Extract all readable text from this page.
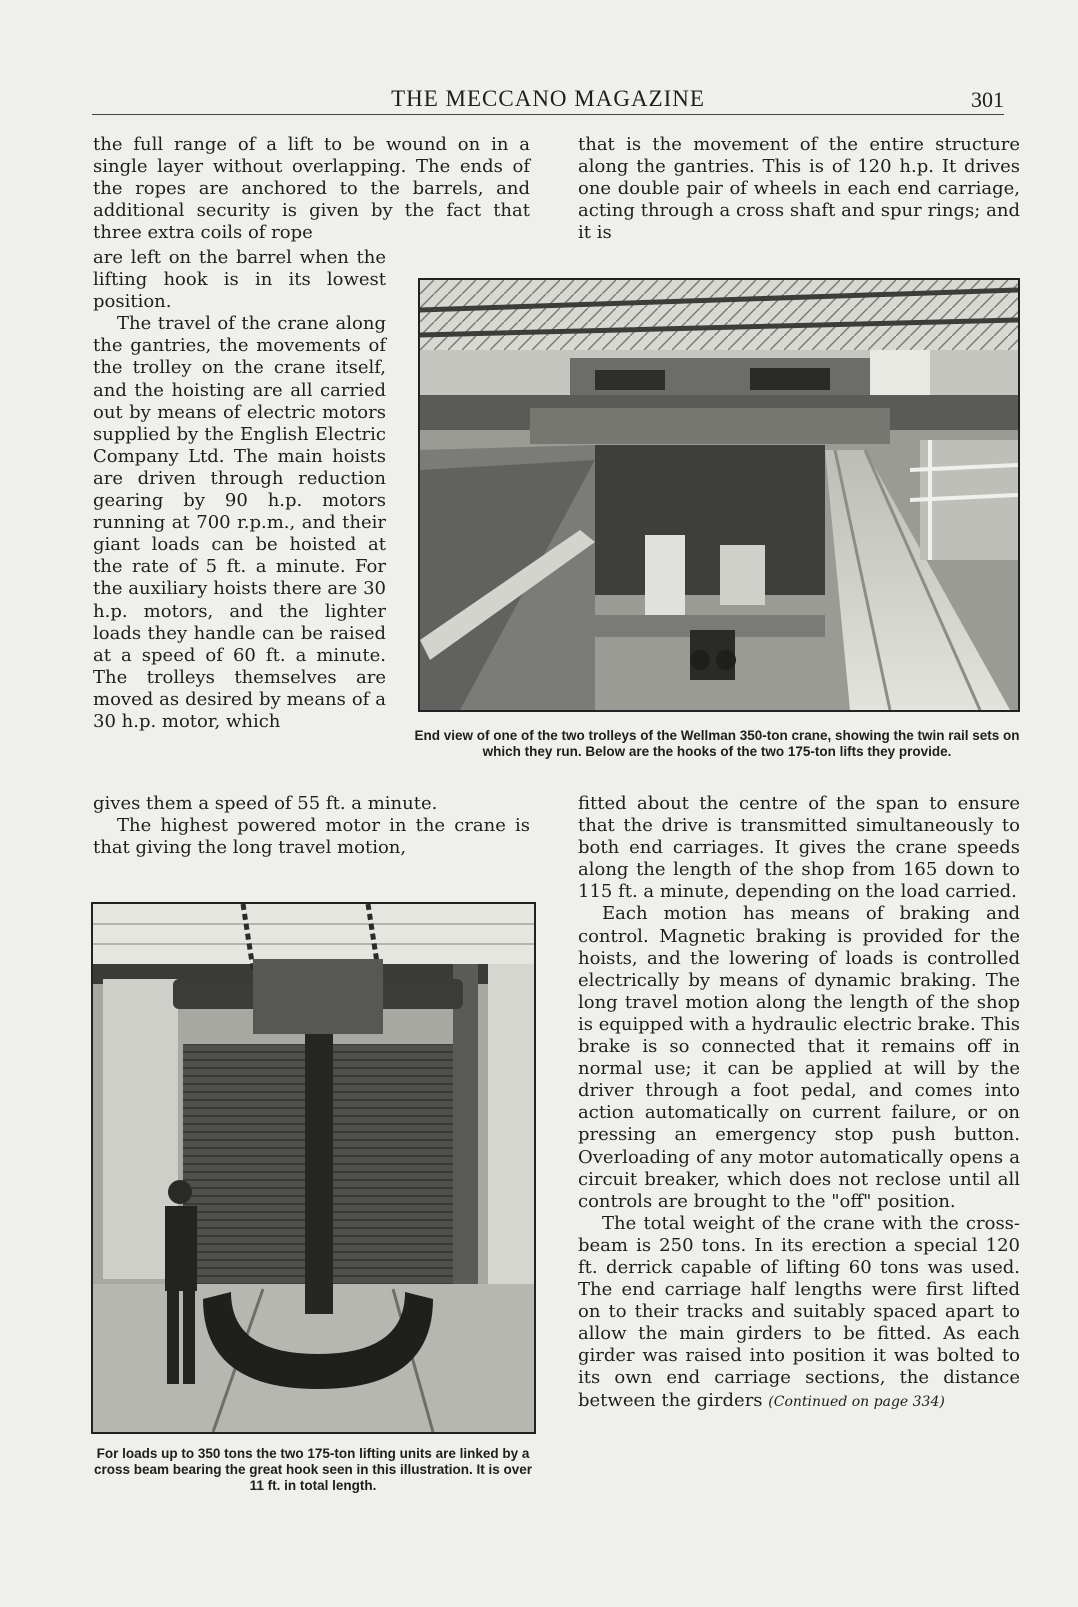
THE MECCANO MAGAZINE	301

the full range of a lift to be wound on in a single layer without overlapping. The ends of the ropes are anchored to the barrels, and additional security is given by the fact that three extra coils of rope

are left on the barrel when the lifting hook is in its lowest position.

The travel of the crane along the gantries, the movements of the trolley on the crane itself, and the hoisting are all carried out by means of electric motors supplied by the English Electric Company Ltd. The main hoists are driven through reduction gearing by 90 h.p. motors running at 700 r.p.m., and their giant loads can be hoisted at the rate of 5 ft. a minute. For the auxiliary hoists there are 30 h.p. motors, and the lighter loads they handle can be raised at a speed of 60 ft. a minute. The trolleys themselves are moved as desired by means of a 30 h.p. motor, which

gives them a speed of 55 ft. a minute.

The highest powered motor in the crane is that giving the long travel motion,

that is the movement of the entire structure along the gantries. This is of 120 h.p. It drives one double pair of wheels in each end carriage, acting through a cross shaft and spur rings; and it is

fitted about the centre of the span to ensure that the drive is transmitted simultaneously to both end carriages. It gives the crane speeds along the length of the shop from 165 down to 115 ft. a minute, depending on the load carried.

Each motion has means of braking and control. Magnetic braking is provided for the hoists, and the lowering of loads is controlled electrically by means of dynamic braking. The long travel motion along the length of the shop is equipped with a hydraulic electric brake. This brake is so connected that it remains off in normal use; it can be applied at will by the driver through a foot pedal, and comes into action automatically on current failure, or on pressing an emergency stop push button. Overloading of any motor automatically opens a circuit breaker, which does not reclose until all controls are brought to the "off" position.

The total weight of the crane with the cross-beam is 250 tons. In its erection a special 120 ft. derrick capable of lifting 60 tons was used. The end carriage half lengths were first lifted on to their tracks and suitably spaced apart to allow the main girders to be fitted. As each girder was raised into position it was bolted to its own end carriage sections, the distance between the girders (Continued on page 334)

End view of one of the two trolleys of the Wellman 350-ton crane, showing the twin rail sets on which they run. Below are the hooks of the two 175-ton lifts they provide.
For loads up to 350 tons the two 175-ton lifting units are linked by a cross beam bearing the great hook seen in this illustration. It is over 11 ft. in total length.
